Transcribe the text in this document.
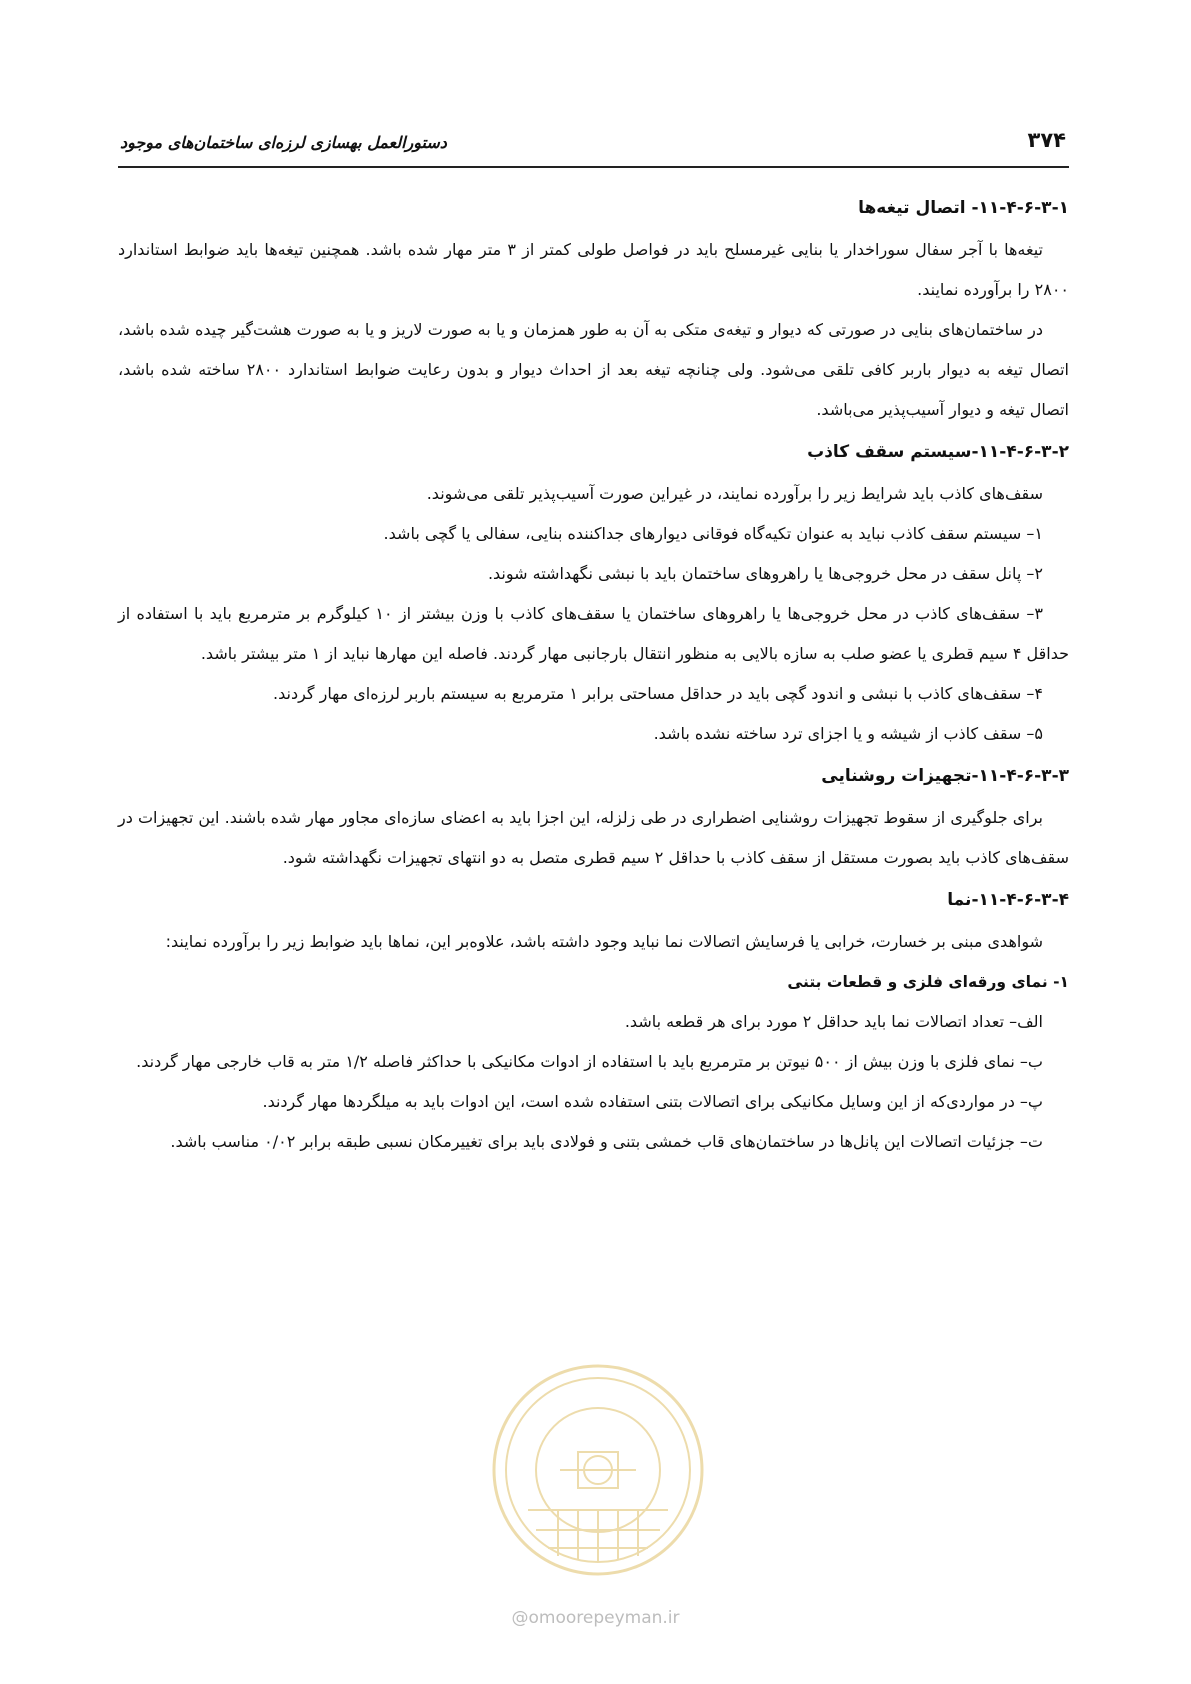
دستورالعمل بهسازی لرزه‌ای ساختمان‌های موجود	۳۷۴
۱۱-۴-۶-۳-۱- اتصال تیغه‌ها

تیغه‌ها با آجر سفال سوراخدار یا بنایی غیرمسلح باید در فواصل طولی کمتر از ۳ متر مهار شده باشد. همچنین تیغه‌ها باید ضوابط استاندارد ۲۸۰۰ را برآورده نمایند.

در ساختمان‌های بنایی در صورتی که دیوار و تیغه‌ی متکی به آن به طور همزمان و یا به صورت لاریز و یا به صورت هشت‌گیر چیده شده باشد، اتصال تیغه به دیوار باربر کافی تلقی می‌شود. ولی چنانچه تیغه بعد از احداث دیوار و بدون رعایت ضوابط استاندارد ۲۸۰۰ ساخته شده باشد، اتصال تیغه و دیوار آسیب‌پذیر می‌باشد.

۱۱-۴-۶-۳-۲-سیستم سقف کاذب

سقف‌های کاذب باید شرایط زیر را برآورده نمایند، در غیراین صورت آسیب‌پذیر تلقی می‌شوند.

۱– سیستم سقف کاذب نباید به عنوان تکیه‌گاه فوقانی دیوارهای جداکننده بنایی، سفالی یا گچی باشد.

۲– پانل سقف در محل خروجی‌ها یا راهروهای ساختمان باید با نبشی نگهداشته شوند.

۳– سقف‌های کاذب در محل خروجی‌ها یا راهروهای ساختمان یا سقف‌های کاذب با وزن بیشتر از ۱۰ کیلوگرم بر مترمربع باید با استفاده از حداقل ۴ سیم قطری یا عضو صلب به سازه بالایی به منظور انتقال بارجانبی مهار گردند. فاصله این مهارها نباید از ۱ متر بیشتر باشد.

۴– سقف‌های کاذب با نبشی و اندود گچی باید در حداقل مساحتی برابر ۱ مترمربع به سیستم باربر لرزه‌ای مهار گردند.

۵– سقف کاذب از شیشه و یا اجزای ترد ساخته نشده باشد.

۱۱-۴-۶-۳-۳-تجهیزات روشنایی

برای جلوگیری از سقوط تجهیزات روشنایی اضطراری در طی زلزله، این اجزا باید به اعضای سازه‌ای مجاور مهار شده باشند. این تجهیزات در سقف‌های کاذب باید بصورت مستقل از سقف کاذب با حداقل ۲ سیم قطری متصل به دو انتهای تجهیزات نگهداشته شود.

۱۱-۴-۶-۳-۴-نما

شواهدی مبنی بر خسارت، خرابی یا فرسایش اتصالات نما نباید وجود داشته باشد، علاوه‌بر این، نماها باید ضوابط زیر را برآورده نمایند:

۱- نمای ورقه‌ای فلزی و قطعات بتنی

الف– تعداد اتصالات نما باید حداقل ۲ مورد برای هر قطعه باشد.

ب– نمای فلزی با وزن بیش از ۵۰۰ نیوتن بر مترمربع باید با استفاده از ادوات مکانیکی با حداکثر فاصله ۱/۲ متر به قاب خارجی مهار گردند.

پ– در مواردی‌که از این وسایل مکانیکی برای اتصالات بتنی استفاده شده است، این ادوات باید به میلگردها مهار گردند.

ت– جزئیات اتصالات این پانل‌ها در ساختمان‌های قاب خمشی بتنی و فولادی باید برای تغییرمکان نسبی طبقه برابر ۰/۰۲ مناسب باشد.

@omoorepeyman.ir
